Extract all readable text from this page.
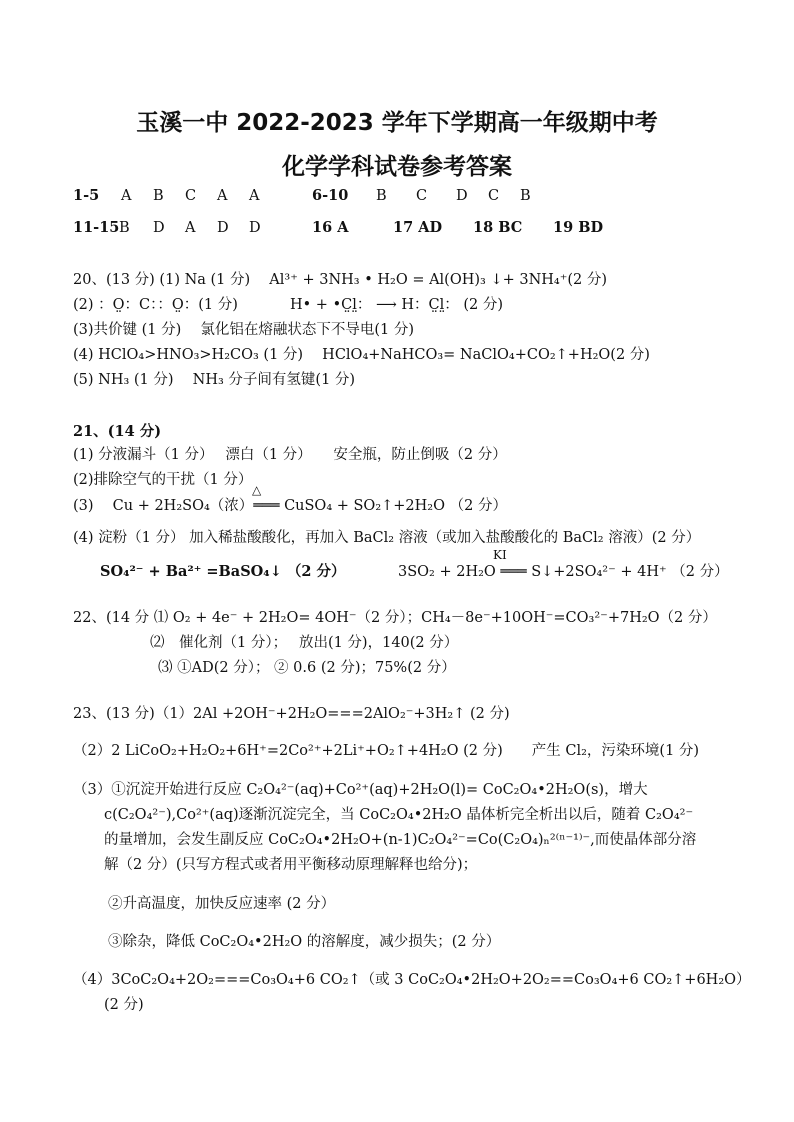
玉溪一中 2022-2023 学年下学期高一年级期中考
化学学科试卷参考答案
1-5 A B C A A	6-10 B C D C B
11-15 B D A D D	16 A	17 AD 18 BC 19 BD
20、(13 分) (1) Na (1 分)　 Al³⁺ + 3NH₃ • H₂O = Al(OH)₃ ↓+ 3NH₄⁺(2 分)
(2) ：O̤：C：：O̤：(1 分)	H• + •C̤l̤： ⟶ H：C̤l̤： (2 分)
(3)共价键 (1 分)　 氯化铝在熔融状态下不导电(1 分)
(4) HClO₄>HNO₃>H₂CO₃ (1 分)　 HClO₄+NaHCO₃= NaClO₄+CO₂↑+H₂O(2 分)
(5) NH₃ (1 分)　 NH₃ 分子间有氢键(1 分)
21、(14 分)
(1) 分液漏斗（1 分）　 漂白（1 分）　　安全瓶，防止倒吸（2 分）
(2)排除空气的干扰（1 分）
△
(3)　 Cu + 2H₂SO₄（浓）═══ CuSO₄ + SO₂↑+2H₂O （2 分）
(4) 淀粉（1 分） 加入稀盐酸酸化，再加入 BaCl₂ 溶液（或加入盐酸酸化的 BaCl₂ 溶液）(2 分）
SO₄²⁻ + Ba²⁺ =BaSO₄↓ （2 分）
KI
3SO₂ + 2H₂O ═══ S↓+2SO₄²⁻ + 4H⁺ （2 分）
22、(14 分 ⑴ O₂ + 4e⁻ + 2H₂O= 4OH⁻（2 分）；CH₄－8e⁻+10OH⁻=CO₃²⁻+7H₂O（2 分）
⑵　催化剂（1 分）；　 放出(1 分)，140(2 分）
⑶ ①AD(2 分）； ② 0.6 (2 分)；75%(2 分）
23、(13 分)（1）2Al +2OH⁻+2H₂O===2AlO₂⁻+3H₂↑ (2 分)
（2）2 LiCoO₂+H₂O₂+6H⁺=2Co²⁺+2Li⁺+O₂↑+4H₂O (2 分)　　产生 Cl₂，污染环境(1 分)
（3）①沉淀开始进行反应 C₂O₄²⁻(aq)+Co²⁺(aq)+2H₂O(l)= CoC₂O₄•2H₂O(s)，增大
c(C₂O₄²⁻),Co²⁺(aq)逐渐沉淀完全，当 CoC₂O₄•2H₂O 晶体析完全析出以后，随着 C₂O₄²⁻
的量增加，会发生副反应 CoC₂O₄•2H₂O+(n-1)C₂O₄²⁻=Co(C₂O₄)ₙ²⁽ⁿ⁻¹⁾⁻,而使晶体部分溶
解（2 分）(只写方程式或者用平衡移动原理解释也给分)；
②升高温度，加快反应速率 (2 分）
③除杂，降低 CoC₂O₄•2H₂O 的溶解度，减少损失；(2 分）
（4）3CoC₂O₄+2O₂===Co₃O₄+6 CO₂↑（或 3 CoC₂O₄•2H₂O+2O₂==Co₃O₄+6 CO₂↑+6H₂O）
(2 分)
